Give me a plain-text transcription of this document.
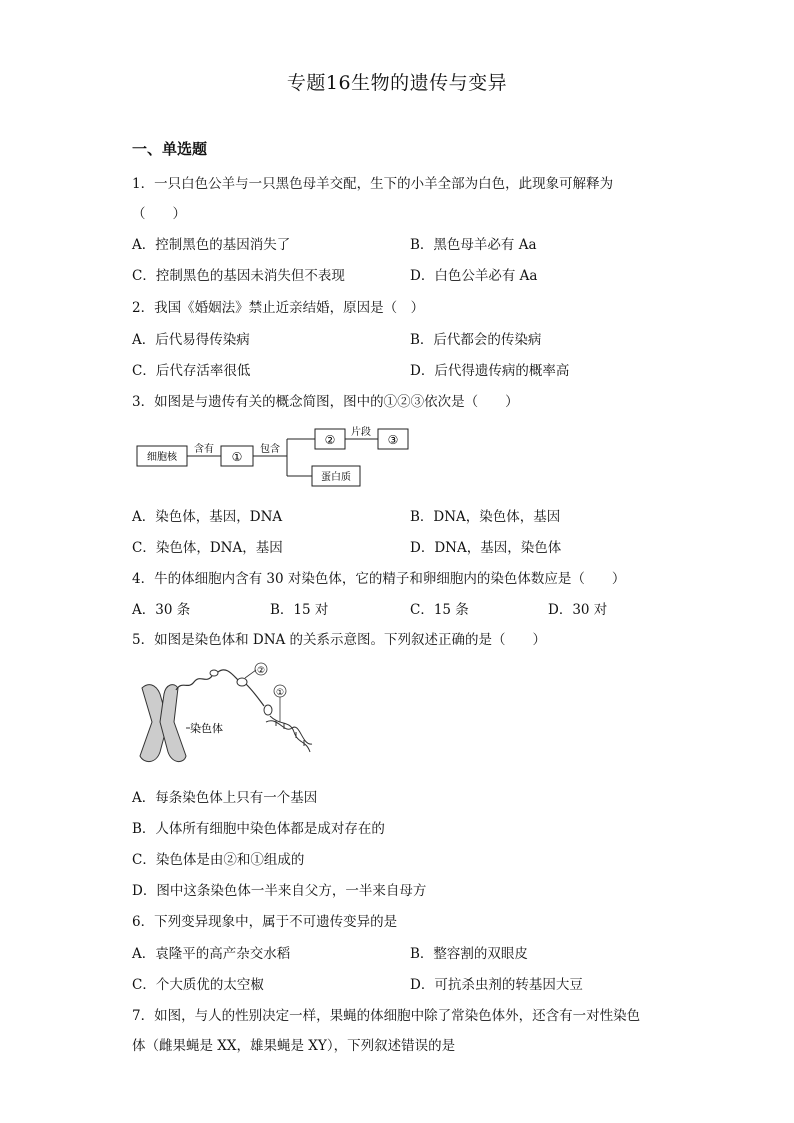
专题16生物的遗传与变异
一、单选题
1．一只白色公羊与一只黑色母羊交配，生下的小羊全部为白色，此现象可解释为
（　　）
A．控制黑色的基因消失了	B．黑色母羊必有 Aa
C．控制黑色的基因未消失但不表现	D．白色公羊必有 Aa
2．我国《婚姻法》禁止近亲结婚，原因是（　）
A．后代易得传染病	B．后代都会的传染病
C．后代存活率很低	D．后代得遗传病的概率高
3．如图是与遗传有关的概念简图，图中的①②③依次是（　　）
细胞核
含有
①
包含
②
片段
③
蛋白质
A．染色体，基因，DNA	B．DNA，染色体，基因
C．染色体，DNA，基因	D．DNA，基因，染色体
4．牛的体细胞内含有 30 对染色体，它的精子和卵细胞内的染色体数应是（　　）
A．30 条	B．15 对	C．15 条	D．30 对
5．如图是染色体和 DNA 的关系示意图。下列叙述正确的是（　　）
染色体
②
①
A．每条染色体上只有一个基因
B．人体所有细胞中染色体都是成对存在的
C．染色体是由②和①组成的
D．图中这条染色体一半来自父方，一半来自母方
6．下列变异现象中，属于不可遗传变异的是
A．袁隆平的高产杂交水稻	B．整容割的双眼皮
C．个大质优的太空椒	D．可抗杀虫剂的转基因大豆
7．如图，与人的性别决定一样，果蝇的体细胞中除了常染色体外，还含有一对性染色
体（雌果蝇是 XX，雄果蝇是 XY），下列叙述错误的是
